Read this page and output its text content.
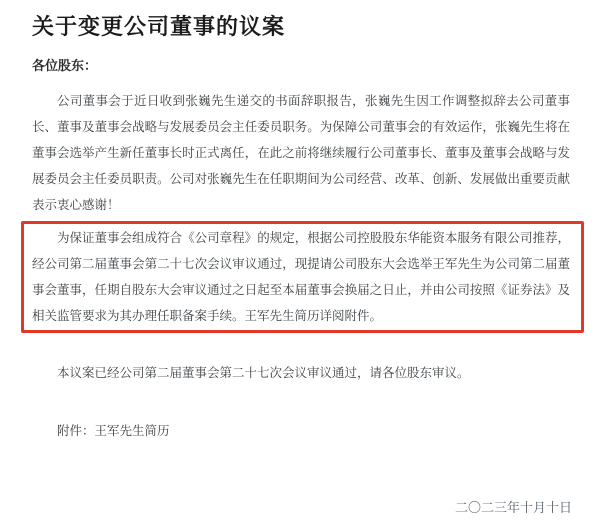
关于变更公司董事的议案
各位股东：

公司董事会于近日收到张巍先生递交的书面辞职报告，张巍先生因工作调整拟辞去公司董事长、董事及董事会战略与发展委员会主任委员职务。为保障公司董事会的有效运作，张巍先生将在董事会选举产生新任董事长时正式离任，在此之前将继续履行公司董事长、董事及董事会战略与发展委员会主任委员职责。公司对张巍先生在任职期间为公司经营、改革、创新、发展做出重要贡献表示衷心感谢！

为保证董事会组成符合《公司章程》的规定，根据公司控股股东华能资本服务有限公司推荐，经公司第二届董事会第二十七次会议审议通过，现提请公司股东大会选举王军先生为公司第二届董事会董事，任期自股东大会审议通过之日起至本届董事会换届之日止，并由公司按照《证券法》及相关监管要求为其办理任职备案手续。王军先生简历详阅附件。

本议案已经公司第二届董事会第二十七次会议审议通过，请各位股东审议。

附件：王军先生简历

二〇二三年十月十日
